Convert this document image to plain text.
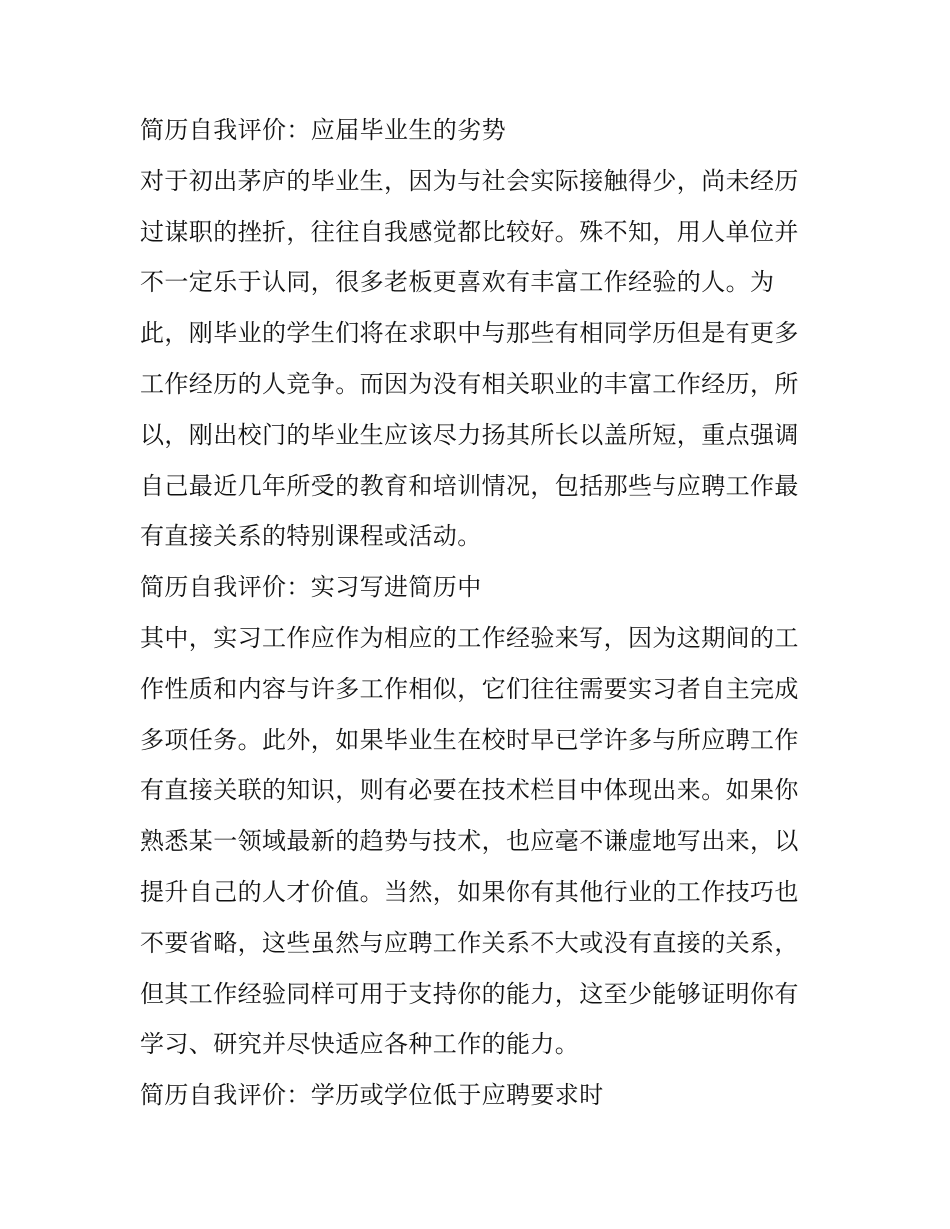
简历自我评价：应届毕业生的劣势

对于初出茅庐的毕业生，因为与社会实际接触得少，尚未经历
过谋职的挫折，往往自我感觉都比较好。殊不知，用人单位并
不一定乐于认同，很多老板更喜欢有丰富工作经验的人。为
此，刚毕业的学生们将在求职中与那些有相同学历但是有更多
工作经历的人竞争。而因为没有相关职业的丰富工作经历，所
以，刚出校门的毕业生应该尽力扬其所长以盖所短，重点强调
自己最近几年所受的教育和培训情况，包括那些与应聘工作最
有直接关系的特别课程或活动。

简历自我评价：实习写进简历中

其中，实习工作应作为相应的工作经验来写，因为这期间的工
作性质和内容与许多工作相似，它们往往需要实习者自主完成
多项任务。此外，如果毕业生在校时早已学许多与所应聘工作
有直接关联的知识，则有必要在技术栏目中体现出来。如果你
熟悉某一领域最新的趋势与技术，也应毫不谦虚地写出来，以
提升自己的人才价值。当然，如果你有其他行业的工作技巧也
不要省略，这些虽然与应聘工作关系不大或没有直接的关系，
但其工作经验同样可用于支持你的能力，这至少能够证明你有
学习、研究并尽快适应各种工作的能力。

简历自我评价：学历或学位低于应聘要求时
